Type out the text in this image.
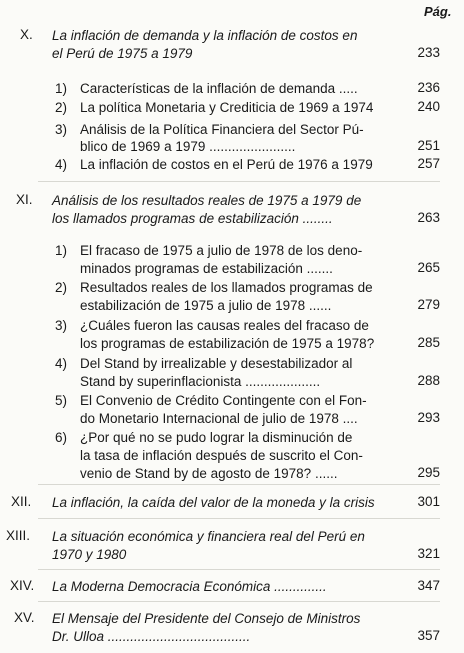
Pág.
X. La inflación de demanda y la inflación de costos en
el Perú de 1975 a 1979	233
1) Características de la inflación de demanda .....	236
2) La política Monetaria y Crediticia de 1969 a 1974	240
3) Análisis de la Política Financiera del Sector Pú-
blico de 1969 a 1979 .......................	251
4) La inflación de costos en el Perú de 1976 a 1979	257
XI. Análisis de los resultados reales de 1975 a 1979 de
los llamados programas de estabilización ........	263
1) El fracaso de 1975 a julio de 1978 de los deno-
minados programas de estabilización .......	265
2) Resultados reales de los llamados programas de
estabilización de 1975 a julio de 1978 ......	279
3) ¿Cuáles fueron las causas reales del fracaso de
los programas de estabilización de 1975 a 1978?	285
4) Del Stand by irrealizable y desestabilizador al
Stand by superinflacionista ....................	288
5) El Convenio de Crédito Contingente con el Fon-
do Monetario Internacional de julio de 1978 ....	293
6) ¿Por qué no se pudo lograr la disminución de
la tasa de inflación después de suscrito el Con-
venio de Stand by de agosto de 1978? ......	295
XII. La inflación, la caída del valor de la moneda y la crisis	301
XIII. La situación económica y financiera real del Perú en
1970 y 1980	321
XIV. La Moderna Democracia Económica ..............	347
XV. El Mensaje del Presidente del Consejo de Ministros
Dr. Ulloa ......................................	357
